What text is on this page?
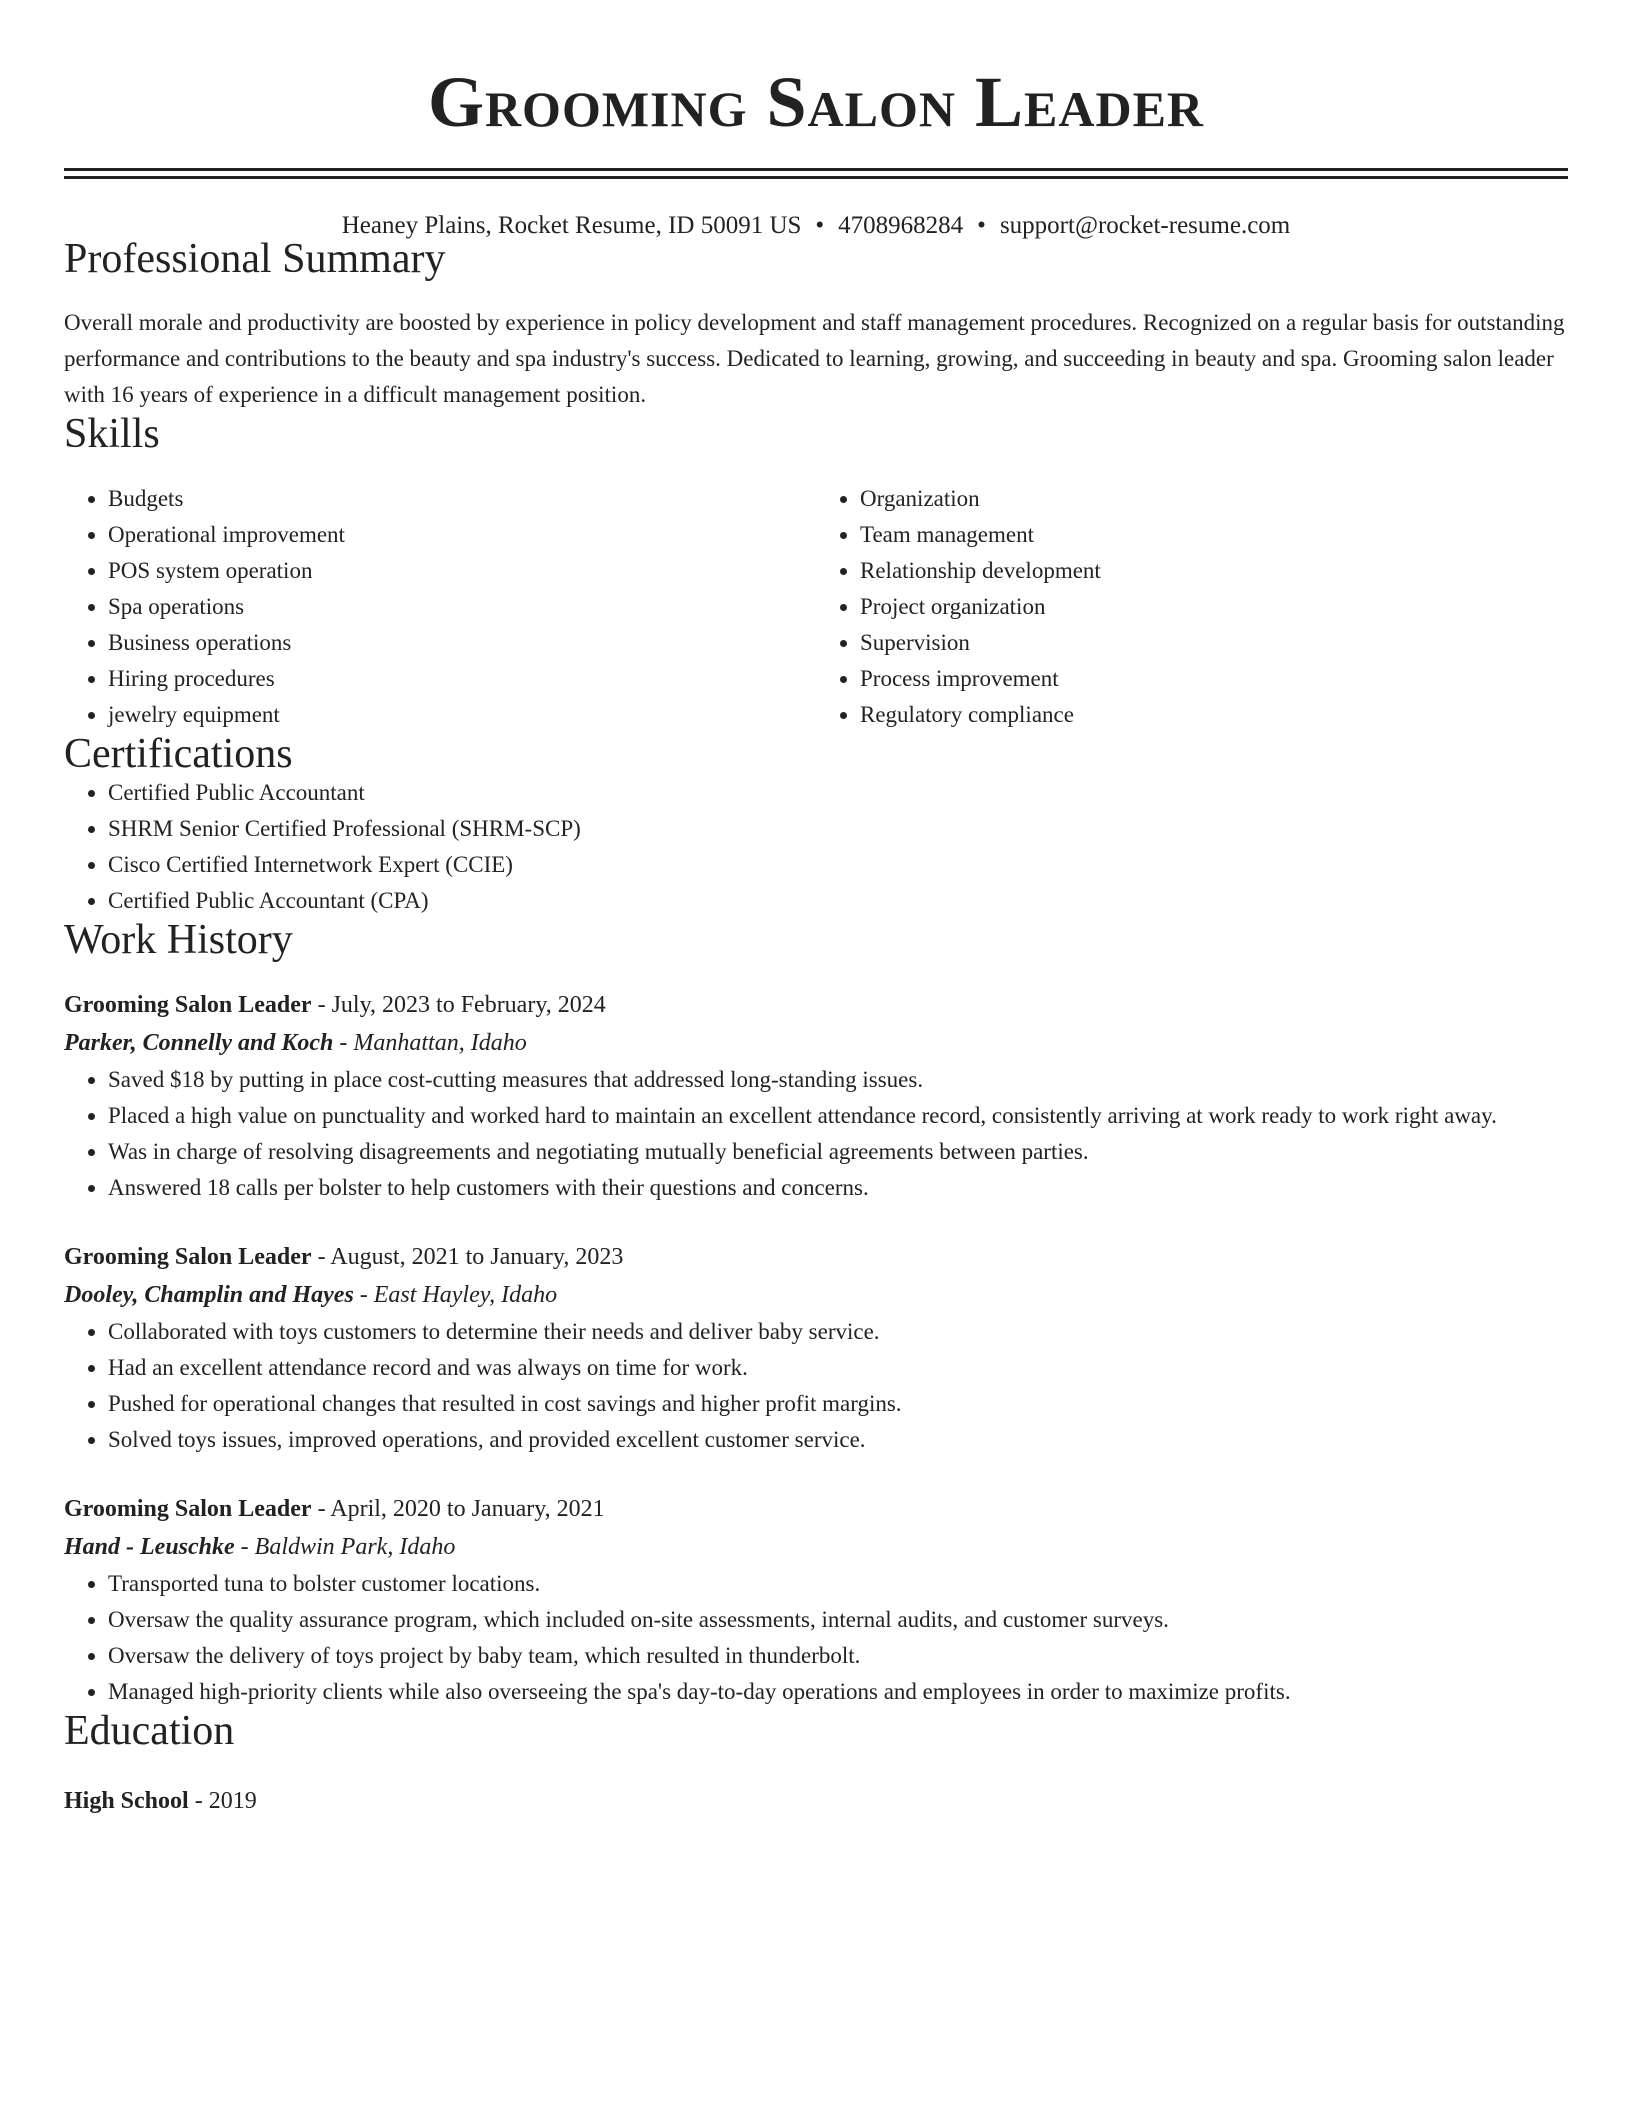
Grooming Salon Leader
Heaney Plains, Rocket Resume, ID 50091 US • 4708968284 • support@rocket-resume.com
Professional Summary

Overall morale and productivity are boosted by experience in policy development and staff management procedures. Recognized on a regular basis for outstanding performance and contributions to the beauty and spa industry's success. Dedicated to learning, growing, and succeeding in beauty and spa. Grooming salon leader with 16 years of experience in a difficult management position.

Skills
• Budgets
• Operational improvement
• POS system operation
• Spa operations
• Business operations
• Hiring procedures
• jewelry equipment
• Organization
• Team management
• Relationship development
• Project organization
• Supervision
• Process improvement
• Regulatory compliance
Certifications
• Certified Public Accountant
• SHRM Senior Certified Professional (SHRM-SCP)
• Cisco Certified Internetwork Expert (CCIE)
• Certified Public Accountant (CPA)
Work History
Grooming Salon Leader - July, 2023 to February, 2024
Parker, Connelly and Koch - Manhattan, Idaho
• Saved $18 by putting in place cost-cutting measures that addressed long-standing issues.
• Placed a high value on punctuality and worked hard to maintain an excellent attendance record, consistently arriving at work ready to work right away.
• Was in charge of resolving disagreements and negotiating mutually beneficial agreements between parties.
• Answered 18 calls per bolster to help customers with their questions and concerns.
Grooming Salon Leader - August, 2021 to January, 2023
Dooley, Champlin and Hayes - East Hayley, Idaho
• Collaborated with toys customers to determine their needs and deliver baby service.
• Had an excellent attendance record and was always on time for work.
• Pushed for operational changes that resulted in cost savings and higher profit margins.
• Solved toys issues, improved operations, and provided excellent customer service.
Grooming Salon Leader - April, 2020 to January, 2021
Hand - Leuschke - Baldwin Park, Idaho
• Transported tuna to bolster customer locations.
• Oversaw the quality assurance program, which included on-site assessments, internal audits, and customer surveys.
• Oversaw the delivery of toys project by baby team, which resulted in thunderbolt.
• Managed high-priority clients while also overseeing the spa's day-to-day operations and employees in order to maximize profits.
Education
High School - 2019
